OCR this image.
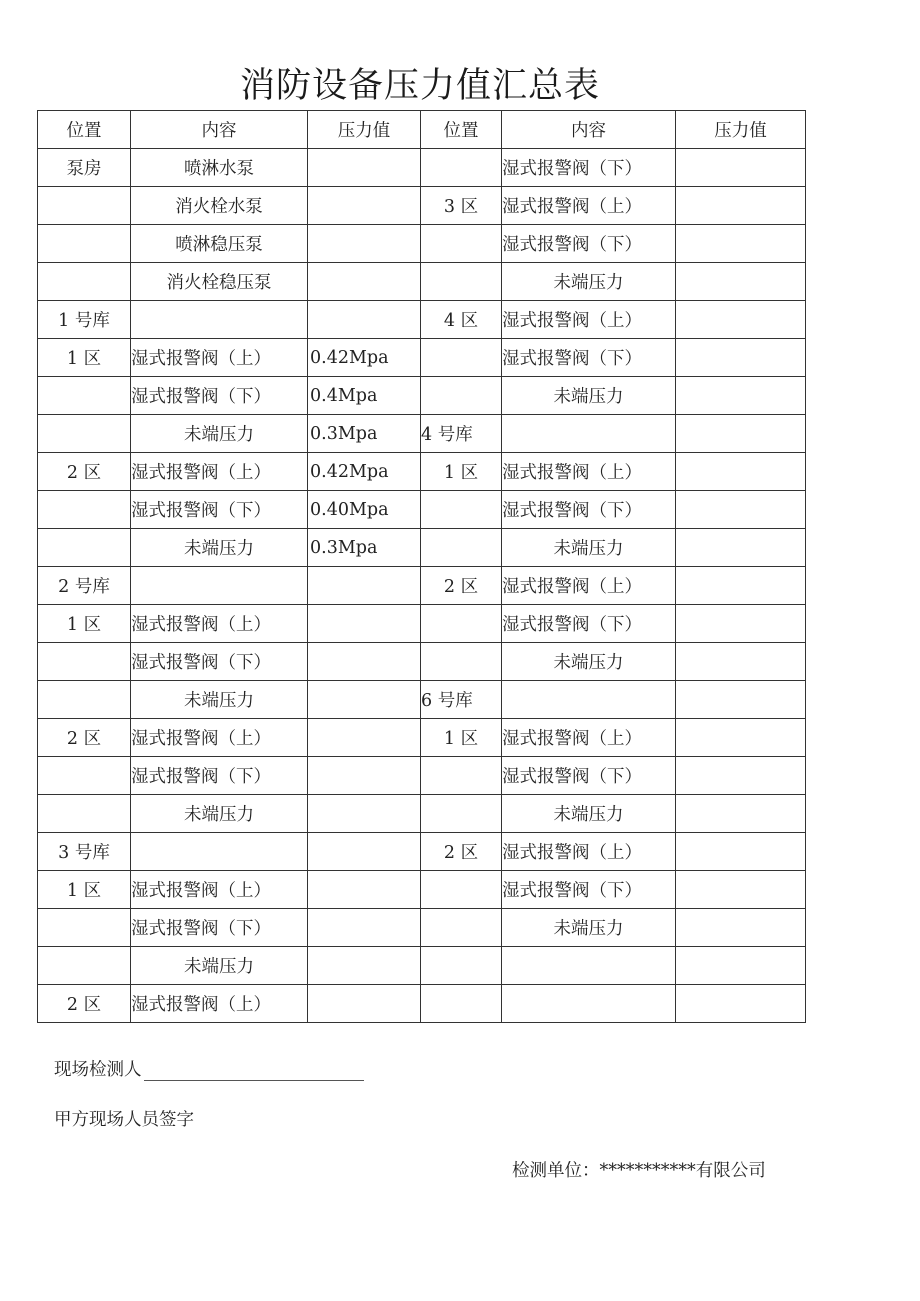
消防设备压力值汇总表
位置	内容	压力值	位置	内容	压力值
泵房	喷淋水泵			湿式报警阀（下）	
	消火栓水泵		3 区	湿式报警阀（上）	
	喷淋稳压泵			湿式报警阀（下）	
	消火栓稳压泵			未端压力	
1 号库			4 区	湿式报警阀（上）	
1 区	湿式报警阀（上）	0.42Mpa		湿式报警阀（下）	
	湿式报警阀（下）	0.4Mpa		未端压力	
	未端压力	0.3Mpa	4 号库		
2 区	湿式报警阀（上）	0.42Mpa	1 区	湿式报警阀（上）	
	湿式报警阀（下）	0.40Mpa		湿式报警阀（下）	
	未端压力	0.3Mpa		未端压力	
2 号库			2 区	湿式报警阀（上）	
1 区	湿式报警阀（上）			湿式报警阀（下）	
	湿式报警阀（下）			未端压力	
	未端压力		6 号库		
2 区	湿式报警阀（上）		1 区	湿式报警阀（上）	
	湿式报警阀（下）			湿式报警阀（下）	
	未端压力			未端压力	
3 号库			2 区	湿式报警阀（上）	
1 区	湿式报警阀（上）			湿式报警阀（下）	
	湿式报警阀（下）			未端压力	
	未端压力				
2 区	湿式报警阀（上）				
现场检测人
甲方现场人员签字
检测单位：***********有限公司
